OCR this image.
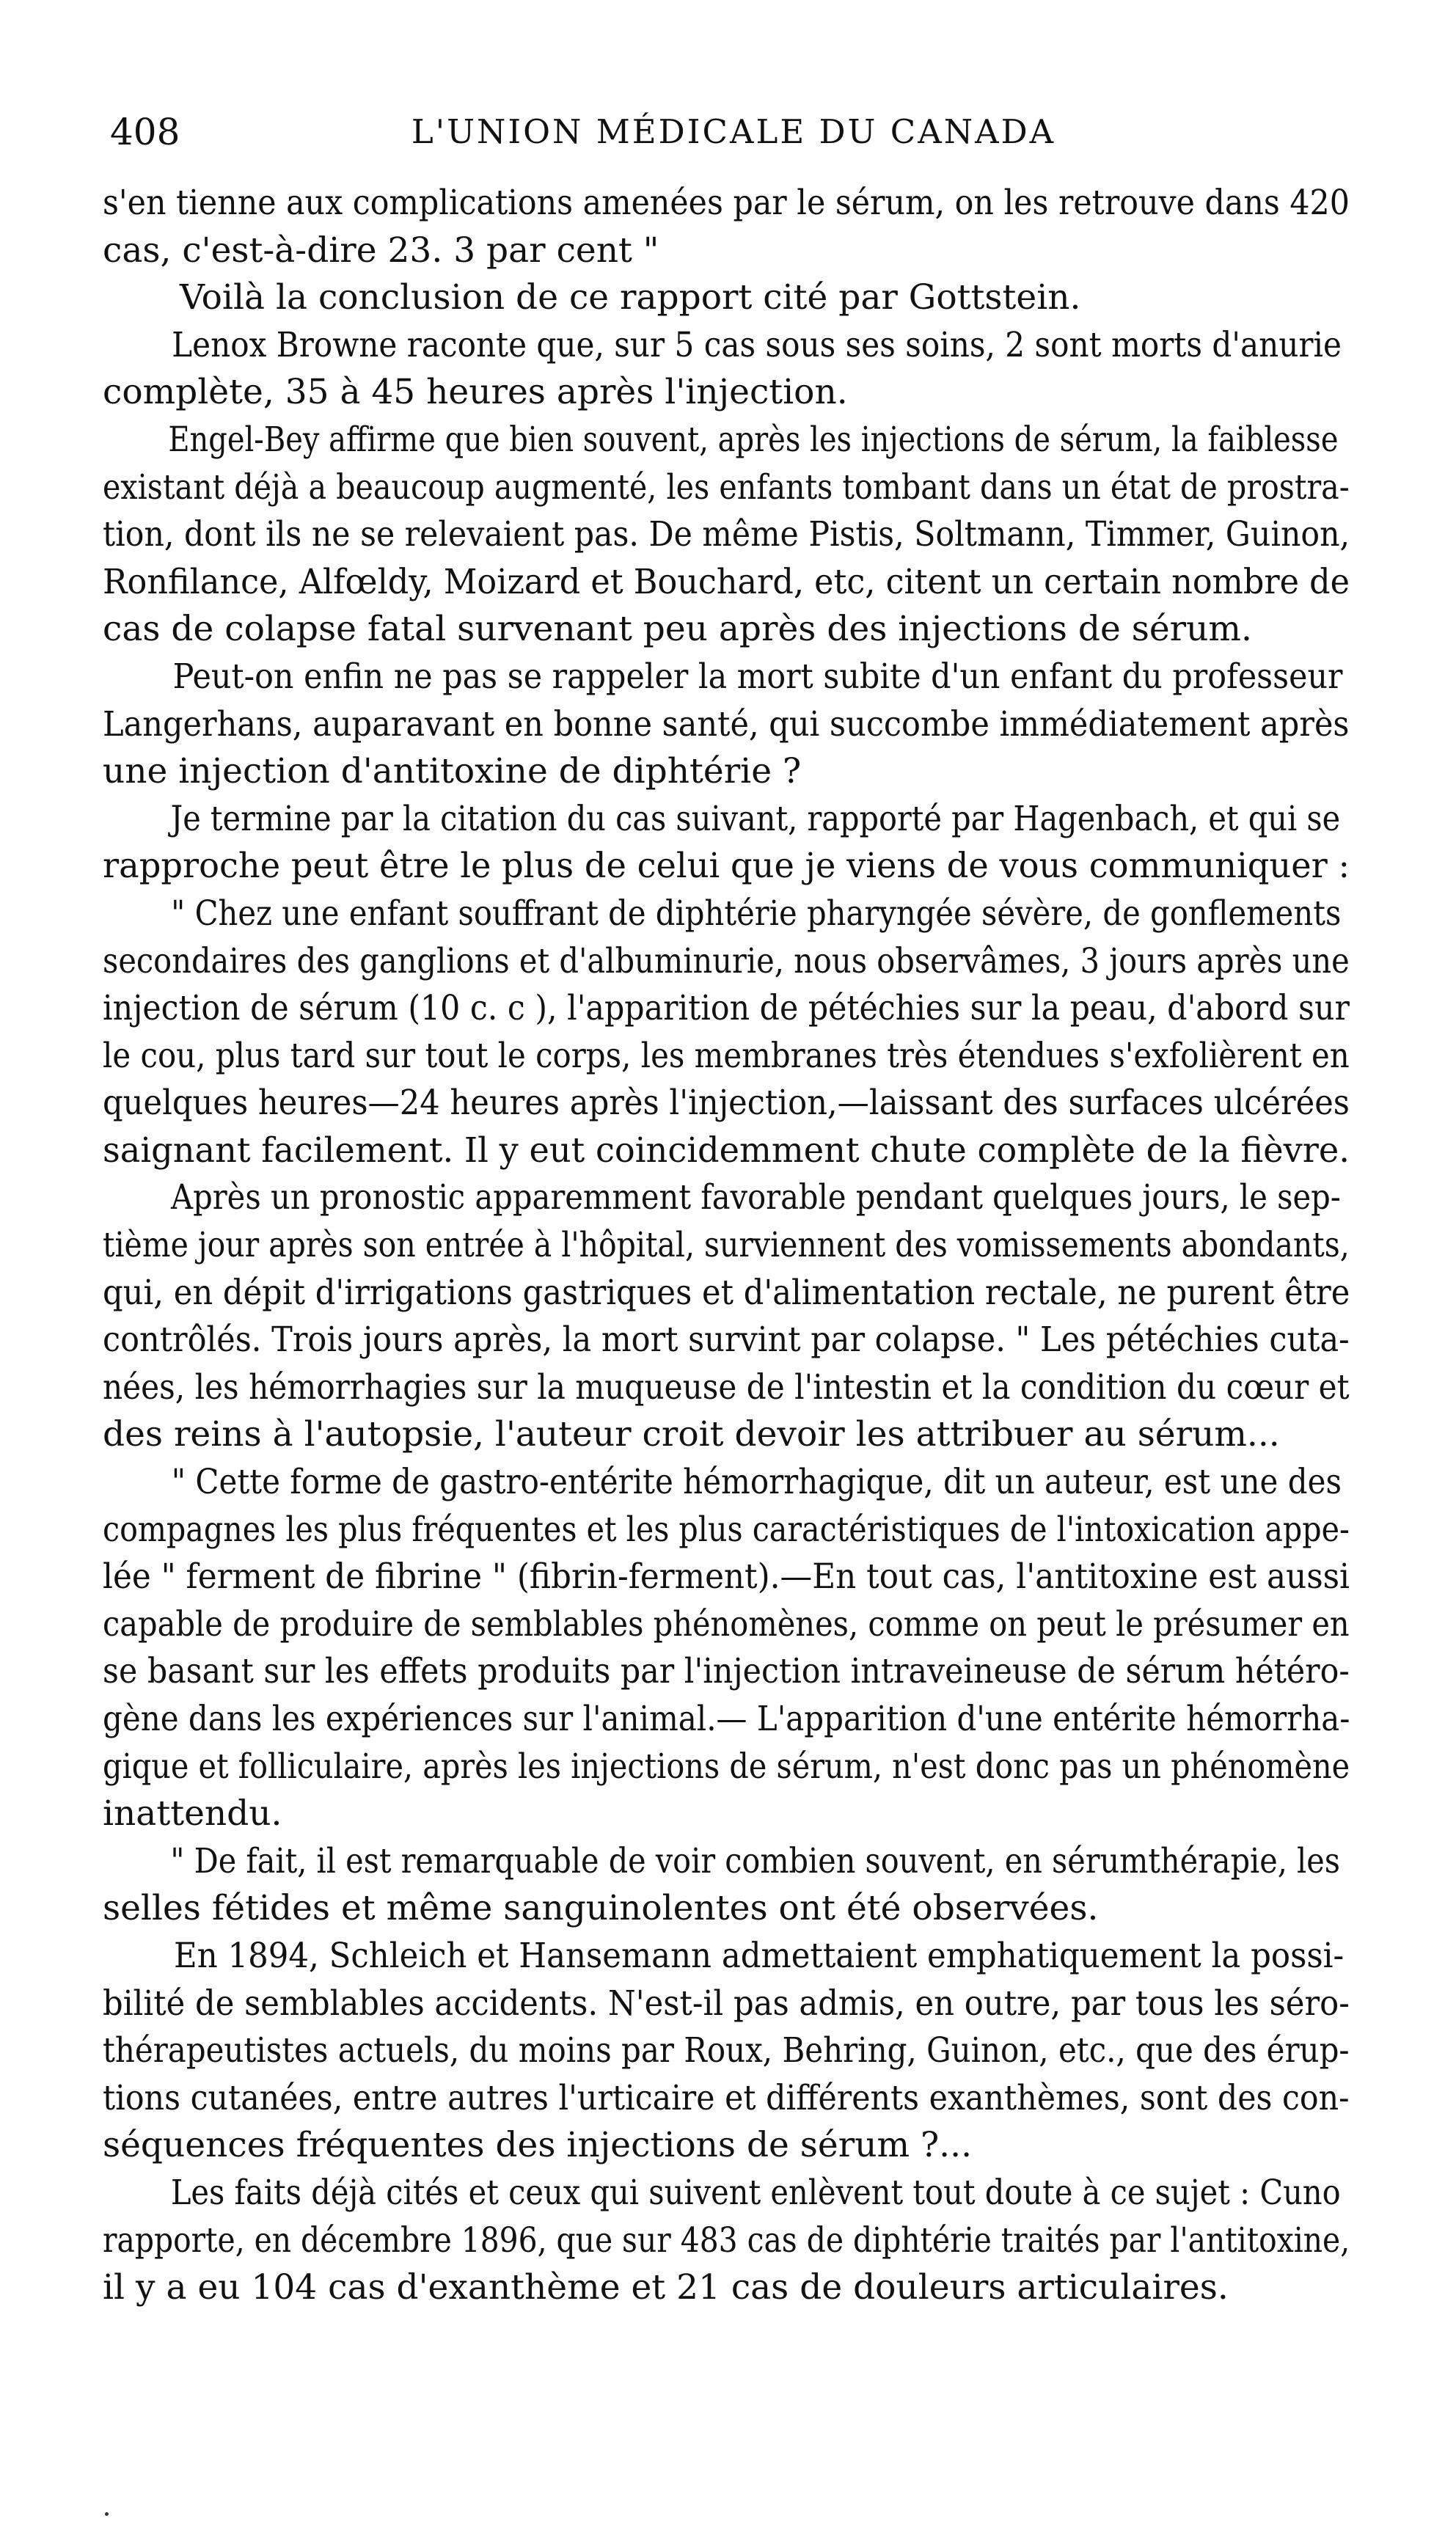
408	L'UNION MÉDICALE DU CANADA
s'en tienne aux complications amenées par le sérum, on les retrouve dans 420
cas, c'est-à-dire 23. 3 par cent "
Voilà la conclusion de ce rapport cité par Gottstein.
Lenox Browne raconte que, sur 5 cas sous ses soins, 2 sont morts d'anurie
complète, 35 à 45 heures après l'injection.
Engel-Bey affirme que bien souvent, après les injections de sérum, la faiblesse
existant déjà a beaucoup augmenté, les enfants tombant dans un état de prostra-
tion, dont ils ne se relevaient pas. De même Pistis, Soltmann, Timmer, Guinon,
Ronfilance, Alfœldy, Moizard et Bouchard, etc, citent un certain nombre de
cas de colapse fatal survenant peu après des injections de sérum.
Peut-on enfin ne pas se rappeler la mort subite d'un enfant du professeur
Langerhans, auparavant en bonne santé, qui succombe immédiatement après
une injection d'antitoxine de diphtérie ?
Je termine par la citation du cas suivant, rapporté par Hagenbach, et qui se
rapproche peut être le plus de celui que je viens de vous communiquer :
" Chez une enfant souffrant de diphtérie pharyngée sévère, de gonflements
secondaires des ganglions et d'albuminurie, nous observâmes, 3 jours après une
injection de sérum (10 c. c ), l'apparition de pétéchies sur la peau, d'abord sur
le cou, plus tard sur tout le corps, les membranes très étendues s'exfolièrent en
quelques heures—24 heures après l'injection,—laissant des surfaces ulcérées
saignant facilement. Il y eut coincidemment chute complète de la fièvre.
Après un pronostic apparemment favorable pendant quelques jours, le sep-
tième jour après son entrée à l'hôpital, surviennent des vomissements abondants,
qui, en dépit d'irrigations gastriques et d'alimentation rectale, ne purent être
contrôlés. Trois jours après, la mort survint par colapse. " Les pétéchies cuta-
nées, les hémorrhagies sur la muqueuse de l'intestin et la condition du cœur et
des reins à l'autopsie, l'auteur croit devoir les attribuer au sérum...
" Cette forme de gastro-entérite hémorrhagique, dit un auteur, est une des
compagnes les plus fréquentes et les plus caractéristiques de l'intoxication appe-
lée " ferment de fibrine " (fibrin-ferment).—En tout cas, l'antitoxine est aussi
capable de produire de semblables phénomènes, comme on peut le présumer en
se basant sur les effets produits par l'injection intraveineuse de sérum hétéro-
gène dans les expériences sur l'animal.— L'apparition d'une entérite hémorrha-
gique et folliculaire, après les injections de sérum, n'est donc pas un phénomène
inattendu.
" De fait, il est remarquable de voir combien souvent, en sérumthérapie, les
selles fétides et même sanguinolentes ont été observées.
En 1894, Schleich et Hansemann admettaient emphatiquement la possi-
bilité de semblables accidents. N'est-il pas admis, en outre, par tous les séro-
thérapeutistes actuels, du moins par Roux, Behring, Guinon, etc., que des érup-
tions cutanées, entre autres l'urticaire et différents exanthèmes, sont des con-
séquences fréquentes des injections de sérum ?...
Les faits déjà cités et ceux qui suivent enlèvent tout doute à ce sujet : Cuno
rapporte, en décembre 1896, que sur 483 cas de diphtérie traités par l'antitoxine,
il y a eu 104 cas d'exanthème et 21 cas de douleurs articulaires.
